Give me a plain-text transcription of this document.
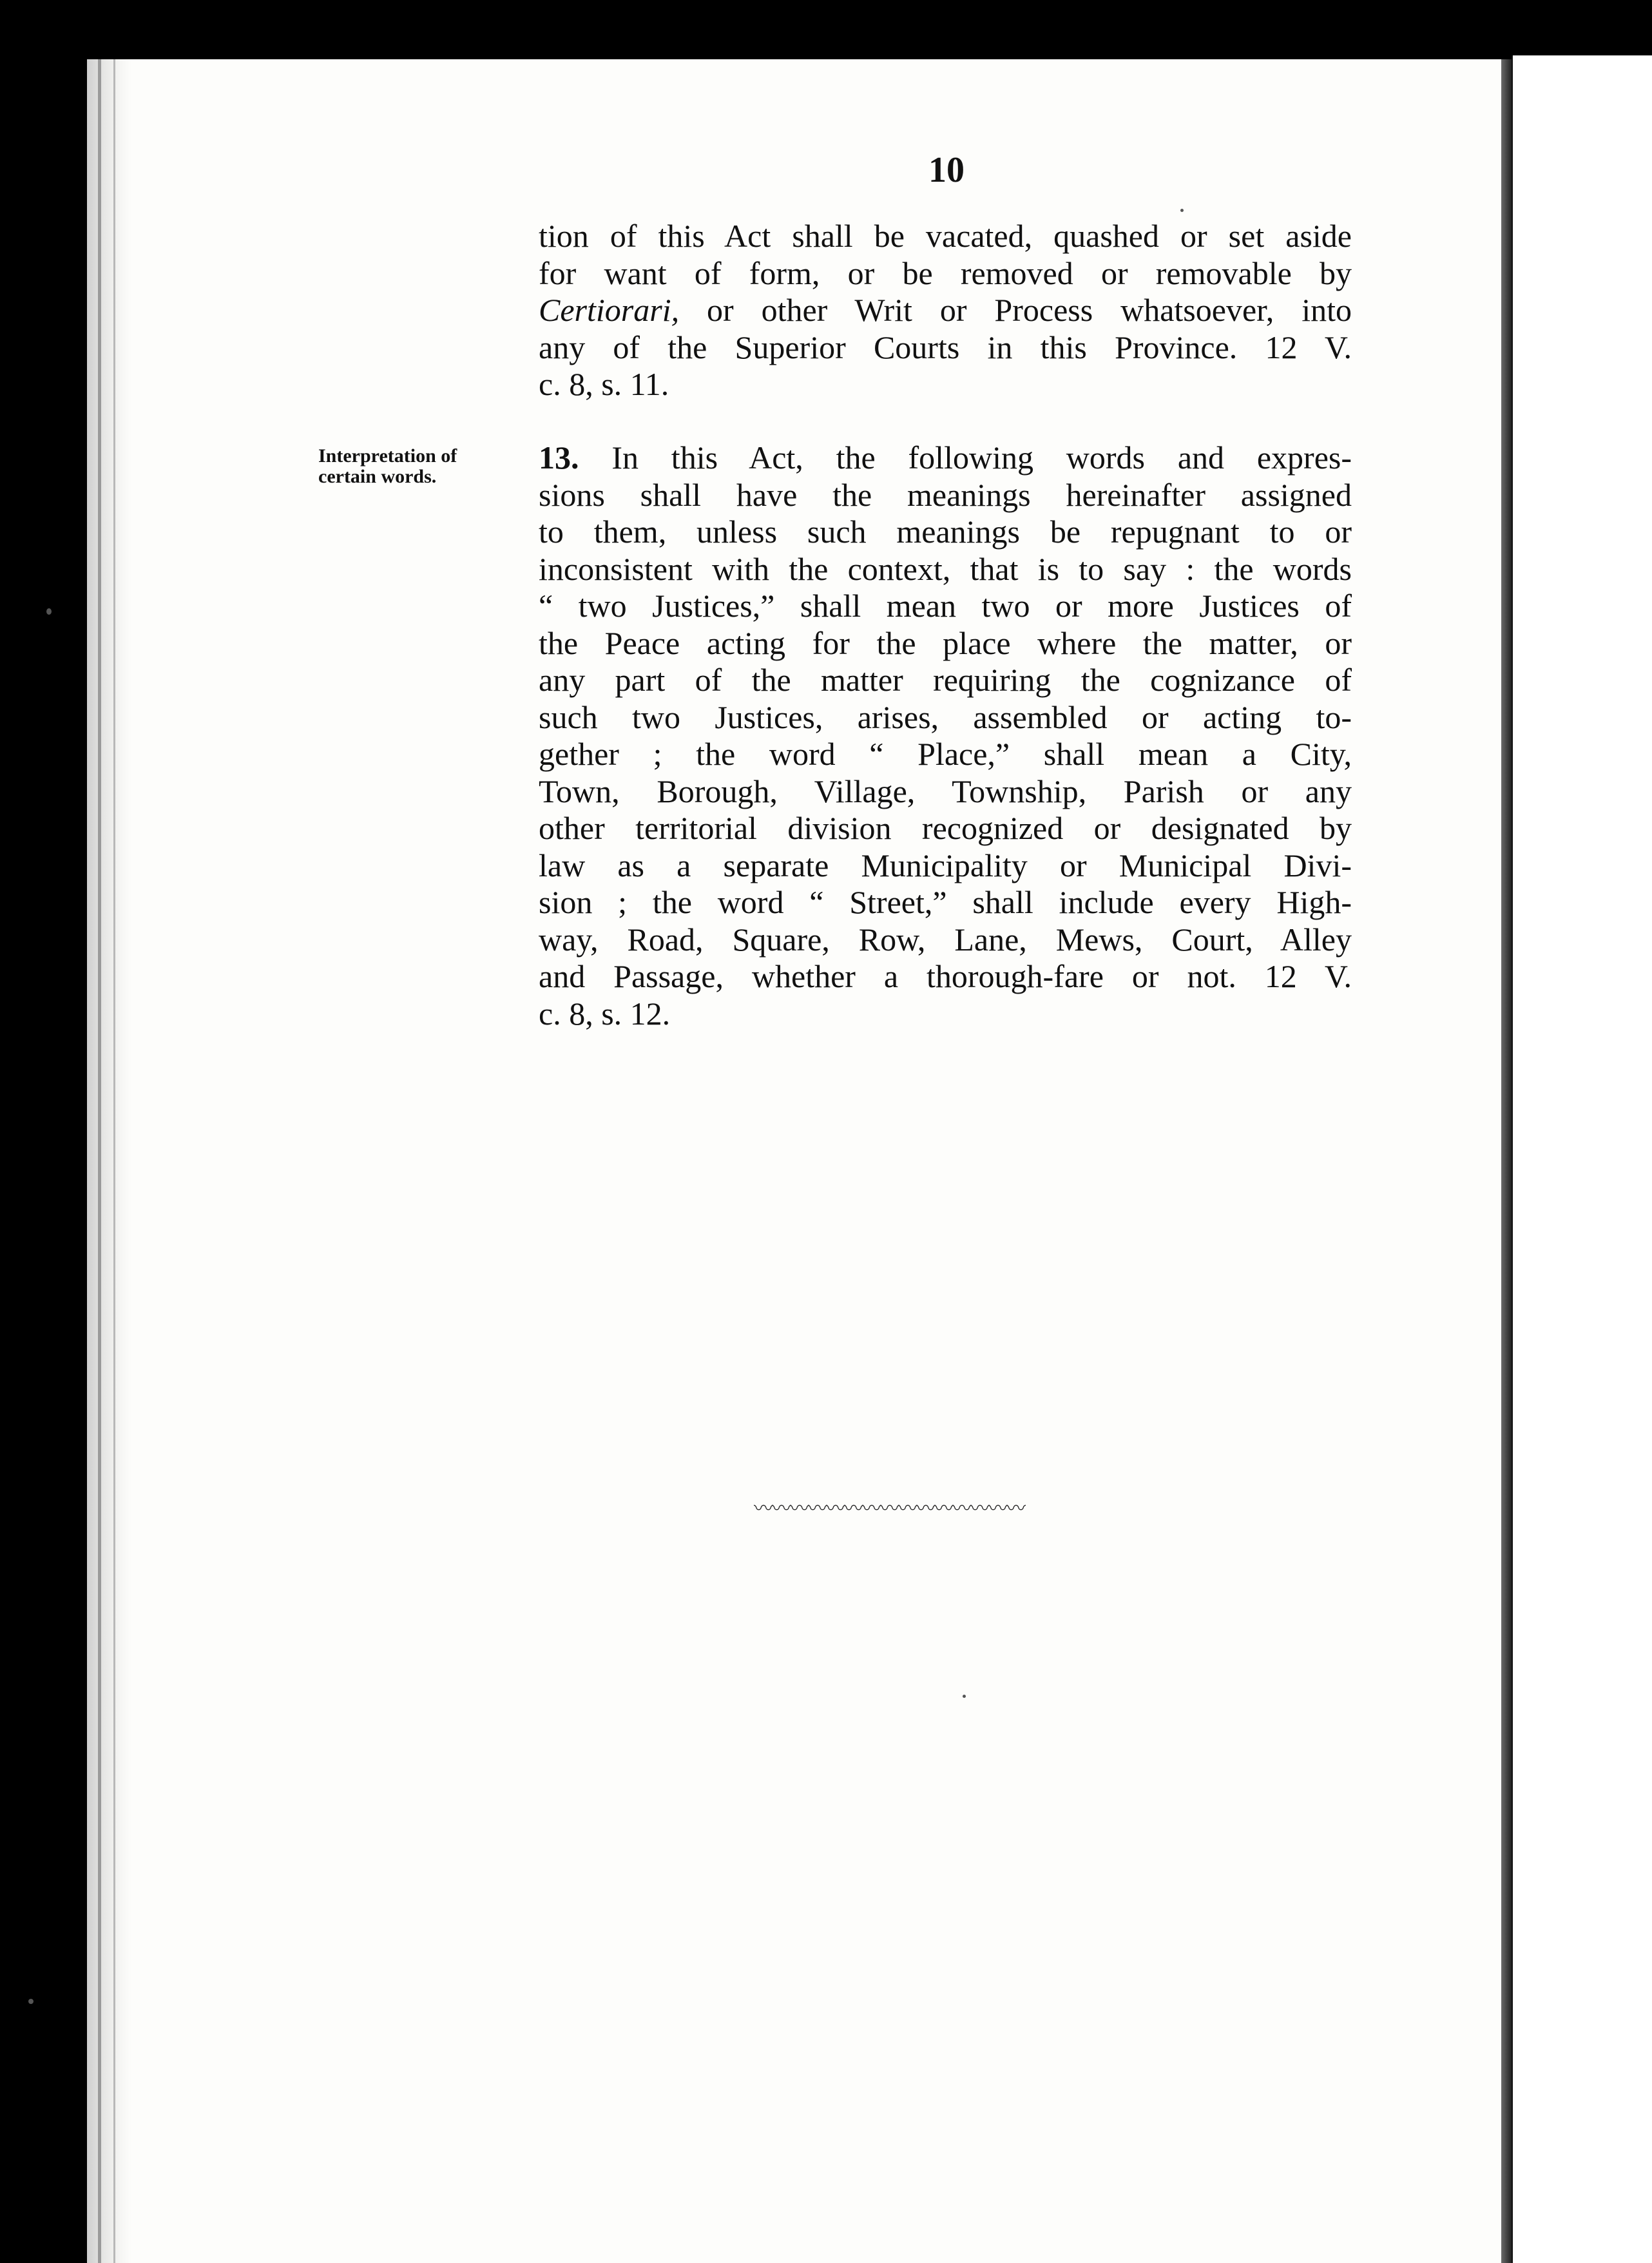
10
tion of this Act shall be vacated, quashed or set aside
for want of form, or be removed or removable by
Certiorari, or other Writ or Process whatsoever, into
any of the Superior Courts in this Province. 12 V.
c. 8, s. 11.
Interpretation of
certain words.
13. In this Act, the following words and expres-
sions shall have the meanings hereinafter assigned
to them, unless such meanings be repugnant to or
inconsistent with the context, that is to say : the words
“ two Justices,” shall mean two or more Justices of
the Peace acting for the place where the matter, or
any part of the matter requiring the cognizance of
such two Justices, arises, assembled or acting to-
gether ; the word “ Place,” shall mean a City,
Town, Borough, Village, Township, Parish or any
other territorial division recognized or designated by
law as a separate Municipality or Municipal Divi-
sion ; the word “ Street,” shall include every High-
way, Road, Square, Row, Lane, Mews, Court, Alley
and Passage, whether a thorough-fare or not. 12 V.
c. 8, s. 12.
〰〰〰〰〰〰〰〰〰〰〰〰〰〰〰
